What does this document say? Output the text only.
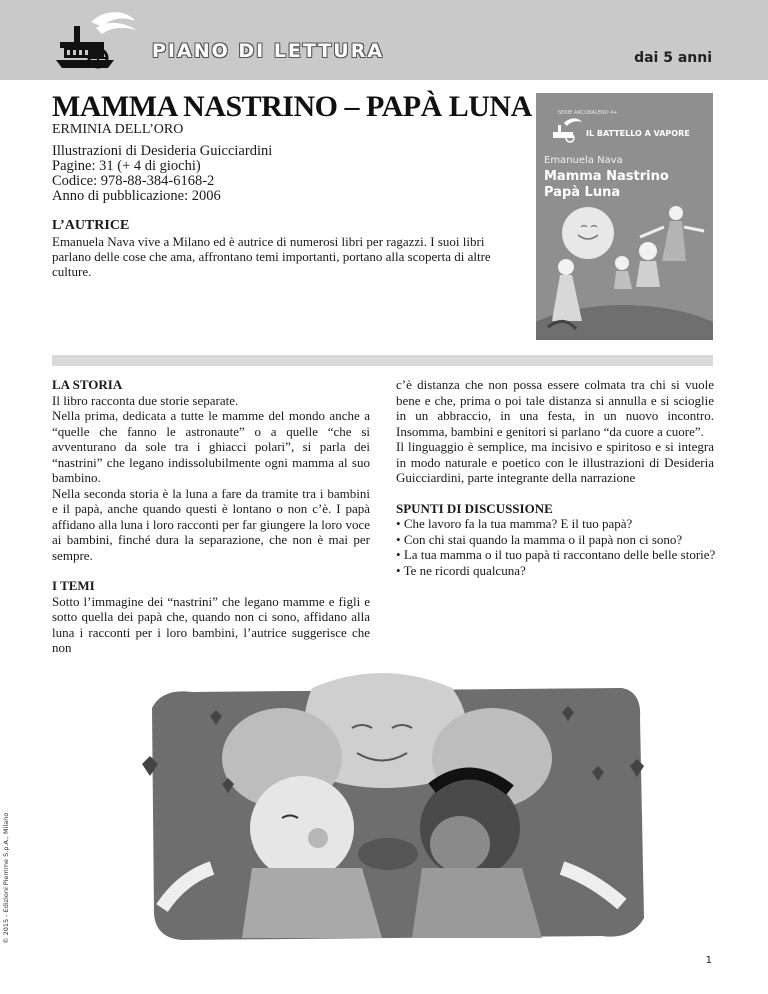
PIANO DI LETTURA	dai 5 anni
MAMMA NASTRINO – PAPÀ LUNA
ERMINIA DELL’ORO
Illustrazioni di Desideria Guicciardini
Pagine: 31 (+ 4 di giochi)
Codice: 978-88-384-6168-2
Anno di pubblicazione: 2006
L’AUTRICE
Emanuela Nava vive a Milano ed è autrice di numerosi libri per ragazzi. I suoi libri parlano delle cose che ama, affrontano temi importanti, portano alla scoperta di altre culture.
SERIE ARCOBALENO 4+
IL BATTELLO A VAPORE
Emanuela Nava
Mamma Nastrino
Papà Luna

LA STORIA

Il libro racconta due storie separate.

Nella prima, dedicata a tutte le mamme del mondo anche a “quelle che fanno le astronaute” o a quelle “che si avventurano da sole tra i ghiacci polari”, si parla dei “nastrini” che legano indissolubilmente ogni mamma al suo bambino.

Nella seconda storia è la luna a fare da tramite tra i bambini e il papà, anche quando questi è lontano o non c’è. I papà affidano alla luna i loro racconti per far giungere la loro voce ai bambini, finché dura la separazione, che non è mai per sempre.

I TEMI

Sotto l’immagine dei “nastrini” che legano mamme e figli e sotto quella dei papà che, quando non ci sono, affidano alla luna i racconti per i loro bambini, l’autrice suggerisce che non

c’è distanza che non possa essere colmata tra chi si vuole bene e che, prima o poi tale distanza si annulla e si scioglie in un abbraccio, in una festa, in un nuovo incontro. Insomma, bambini e genitori si parlano “da cuore a cuore”.

Il linguaggio è semplice, ma incisivo e spiritoso e si integra in modo naturale e poetico con le illustrazioni di Desideria Guicciardini, parte integrante della narrazione

SPUNTI DI DISCUSSIONE

• Che lavoro fa la tua mamma? E il tuo papà?
• Con chi stai quando la mamma o il papà non ci sono?
• La tua mamma o il tuo papà ti raccontano delle belle storie?
• Te ne ricordi qualcuna?
© 2015 - Edizioni Piemme S.p.A., Milano
1
